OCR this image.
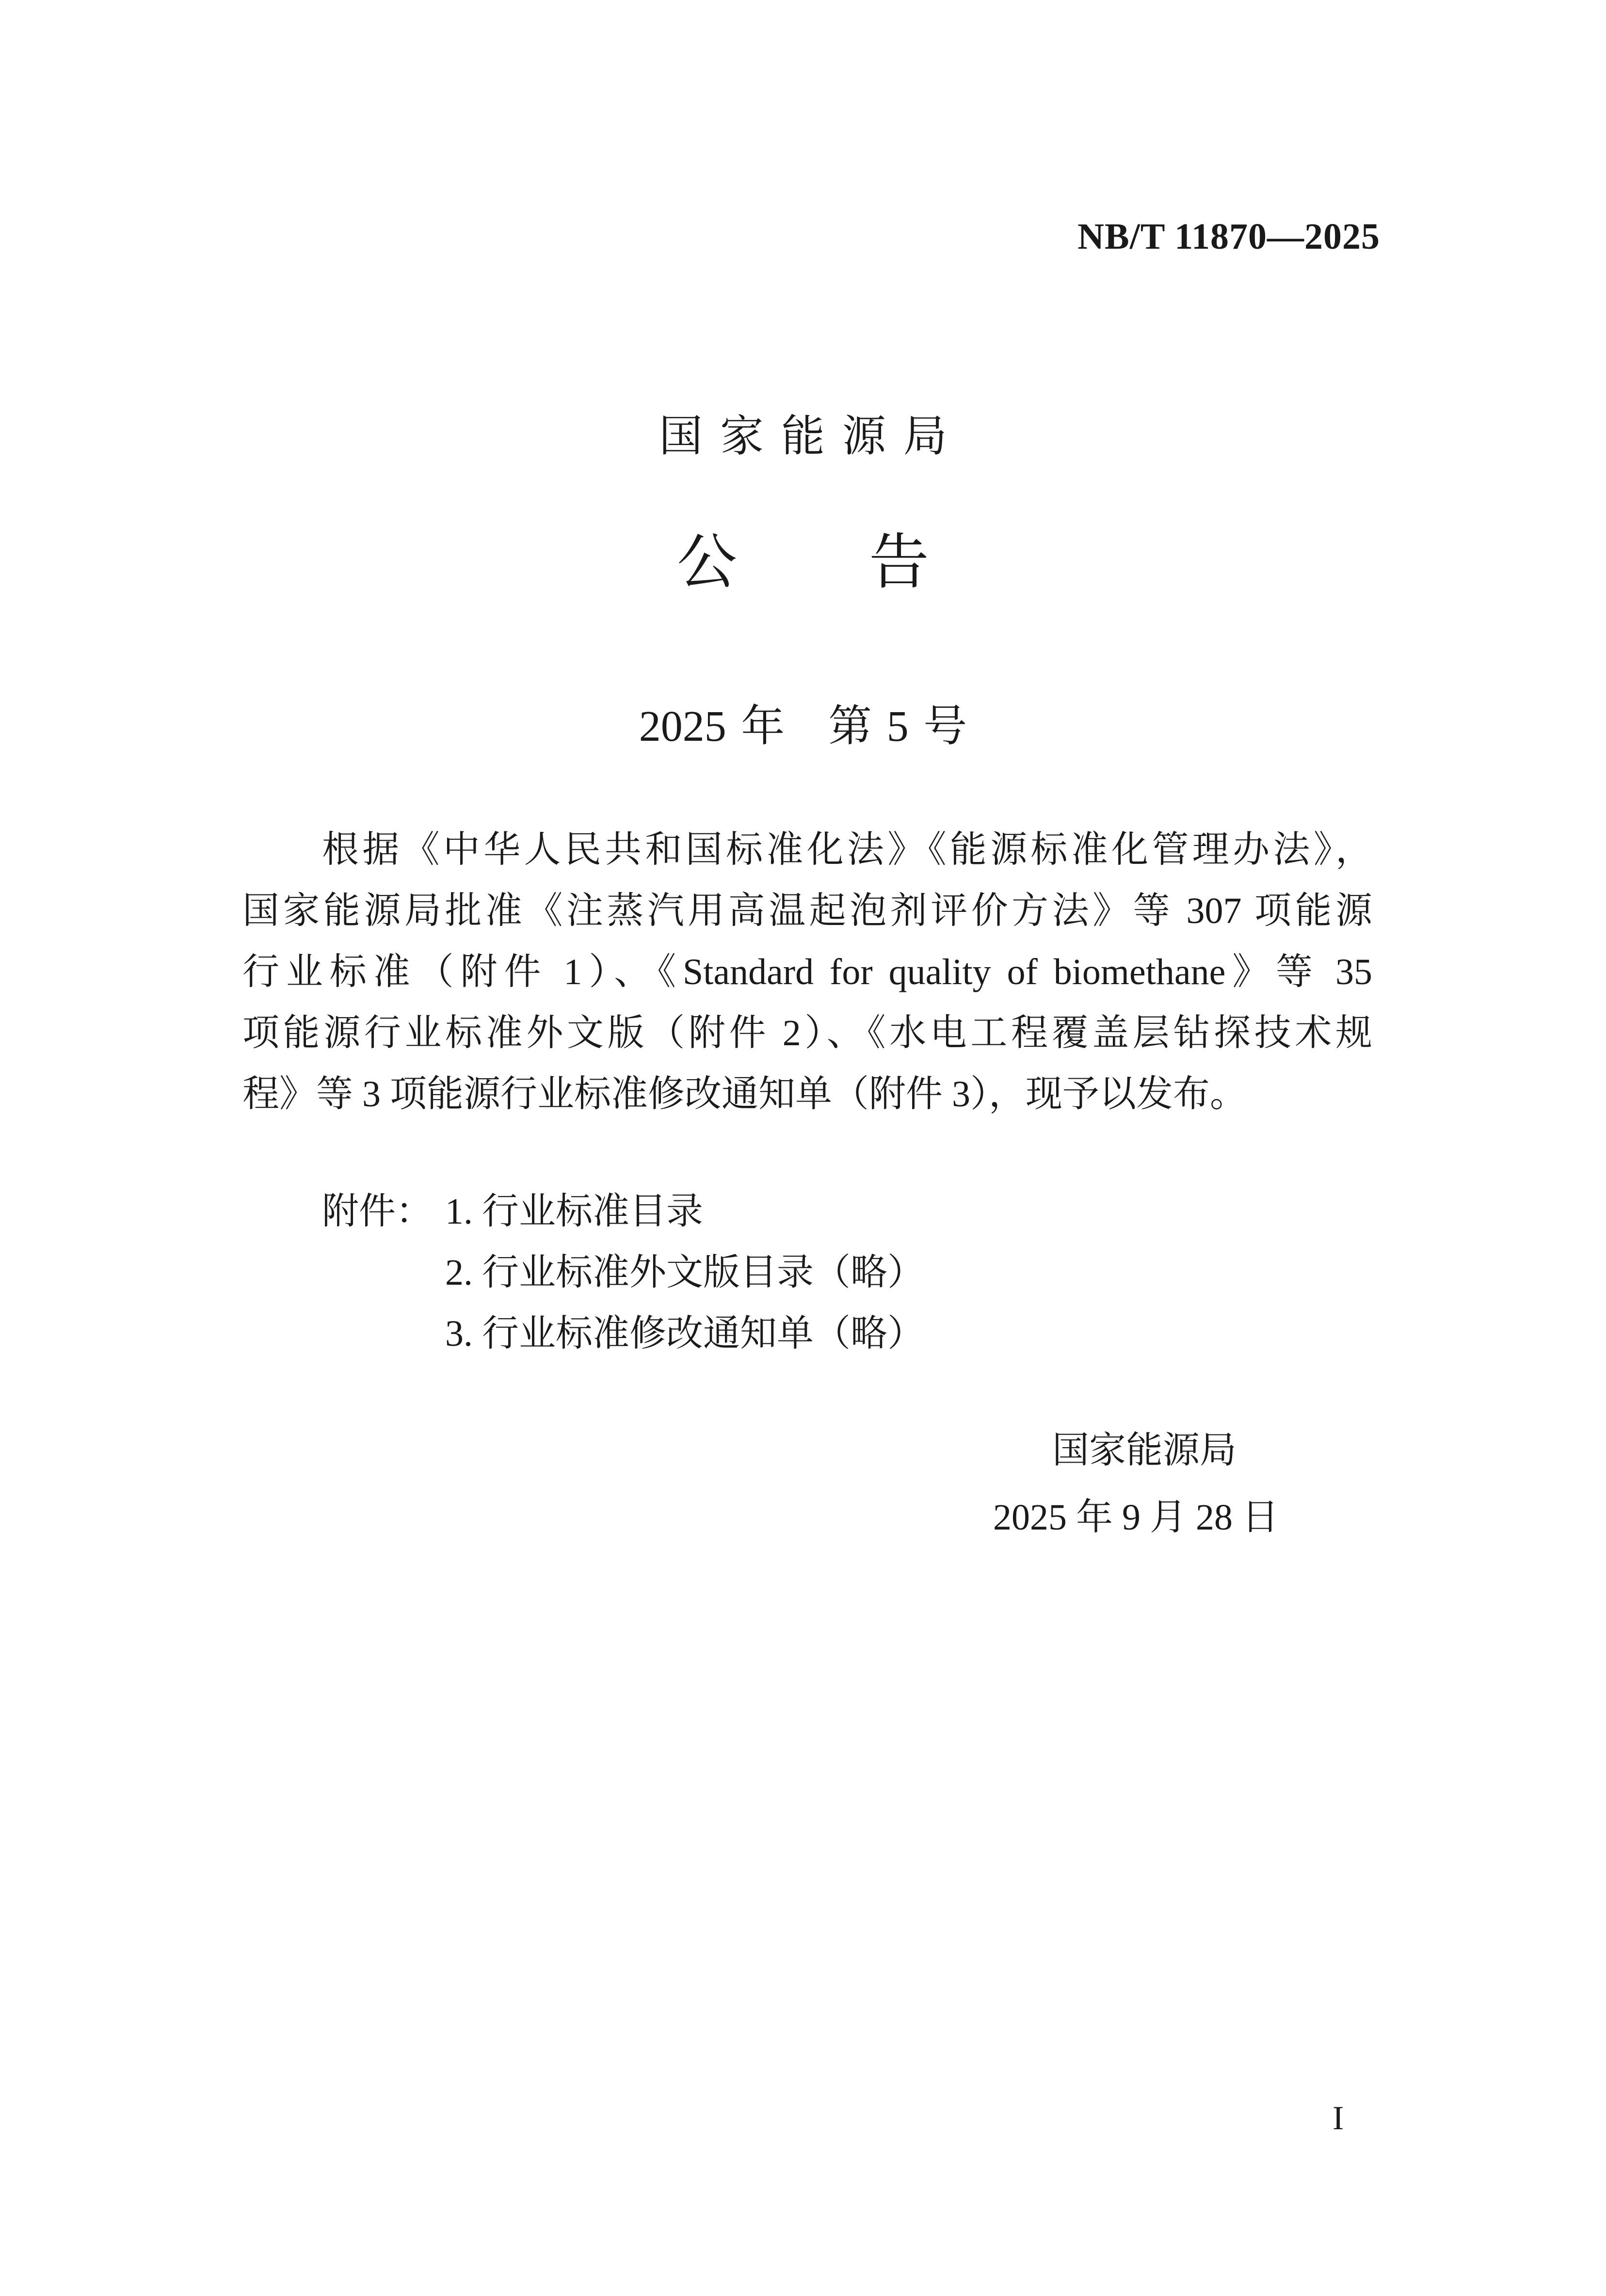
NB/T 11870—2025
国家能源局
公告
2025 年　第 5 号
根据《中华人民共和国标准化法》《能源标准化管理办法》，
国家能源局批准《注蒸汽用高温起泡剂评价方法》等 307 项能源
行业标准（附件 1）、《Standard for quality of biomethane》等 35
项能源行业标准外文版（附件 2）、《水电工程覆盖层钻探技术规
程》等 3 项能源行业标准修改通知单（附件 3），现予以发布。
附件： 1. 行业标准目录
2. 行业标准外文版目录（略）
3. 行业标准修改通知单（略）
国家能源局
2025 年 9 月 28 日
I
